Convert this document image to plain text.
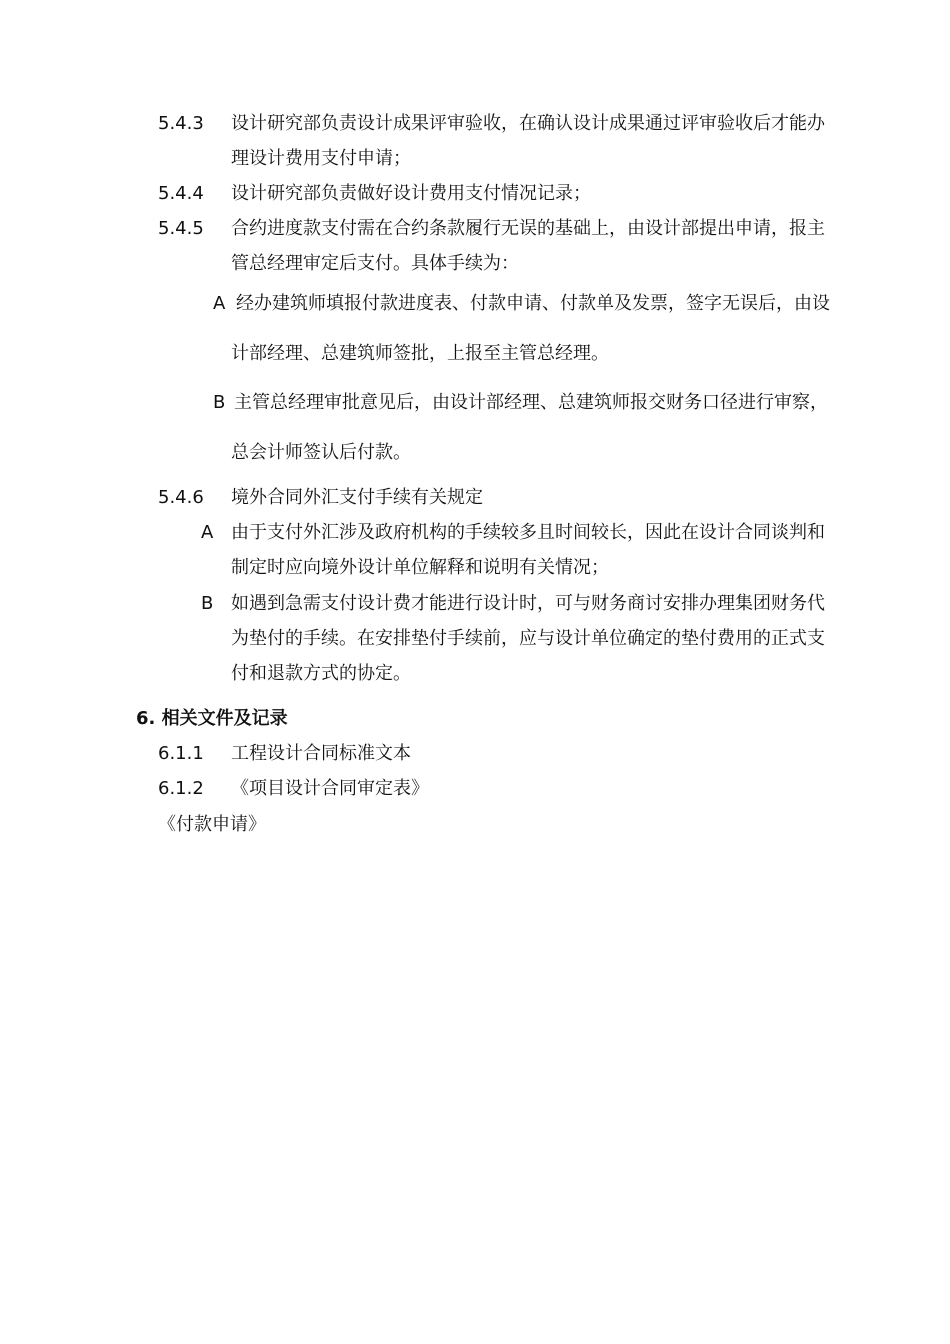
5.4.3 设计研究部负责设计成果评审验收，在确认设计成果通过评审验收后才能办
理设计费用支付申请；
5.4.4 设计研究部负责做好设计费用支付情况记录；
5.4.5 合约进度款支付需在合约条款履行无误的基础上，由设计部提出申请，报主
管总经理审定后支付。具体手续为：
A 经办建筑师填报付款进度表、付款申请、付款单及发票，签字无误后，由设
计部经理、总建筑师签批，上报至主管总经理。
B 主管总经理审批意见后，由设计部经理、总建筑师报交财务口径进行审察，
总会计师签认后付款。
5.4.6 境外合同外汇支付手续有关规定
A 由于支付外汇涉及政府机构的手续较多且时间较长，因此在设计合同谈判和
制定时应向境外设计单位解释和说明有关情况；
B 如遇到急需支付设计费才能进行设计时，可与财务商讨安排办理集团财务代
为垫付的手续。在安排垫付手续前，应与设计单位确定的垫付费用的正式支
付和退款方式的协定。
6. 相关文件及记录
6.1.1 工程设计合同标准文本
6.1.2 《项目设计合同审定表》
《付款申请》
